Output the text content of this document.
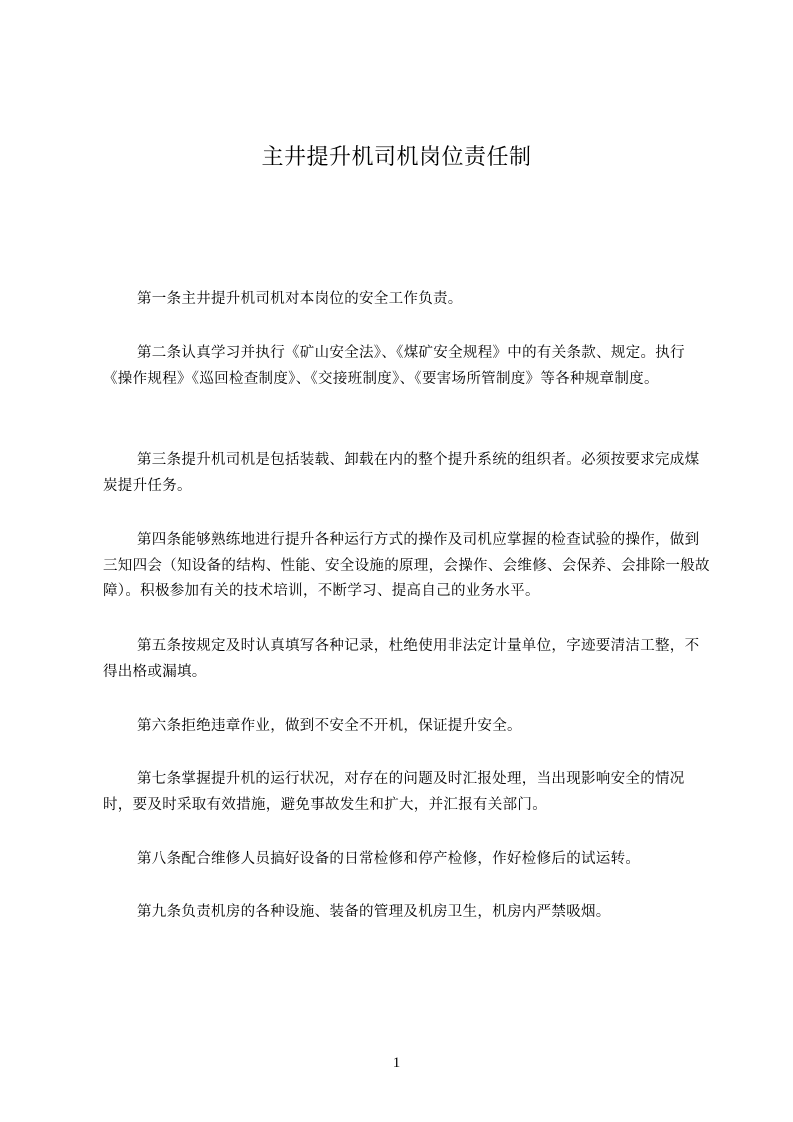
主井提升机司机岗位责任制

第一条主井提升机司机对本岗位的安全工作负责。

第二条认真学习并执行《矿山安全法》、《煤矿安全规程》中的有关条款、规定。执行《操作规程》《巡回检查制度》、《交接班制度》、《要害场所管制度》等各种规章制度。

第三条提升机司机是包括装载、卸载在内的整个提升系统的组织者。必须按要求完成煤炭提升任务。

第四条能够熟练地进行提升各种运行方式的操作及司机应掌握的检查试验的操作，做到三知四会（知设备的结构、性能、安全设施的原理，会操作、会维修、会保养、会排除一般故障）。积极参加有关的技术培训，不断学习、提高自己的业务水平。

第五条按规定及时认真填写各种记录，杜绝使用非法定计量单位，字迹要清洁工整，不得出格或漏填。

第六条拒绝违章作业，做到不安全不开机，保证提升安全。

第七条掌握提升机的运行状况，对存在的问题及时汇报处理，当出现影响安全的情况时，要及时采取有效措施，避免事故发生和扩大，并汇报有关部门。

第八条配合维修人员搞好设备的日常检修和停产检修，作好检修后的试运转。

第九条负责机房的各种设施、装备的管理及机房卫生，机房内严禁吸烟。

1
